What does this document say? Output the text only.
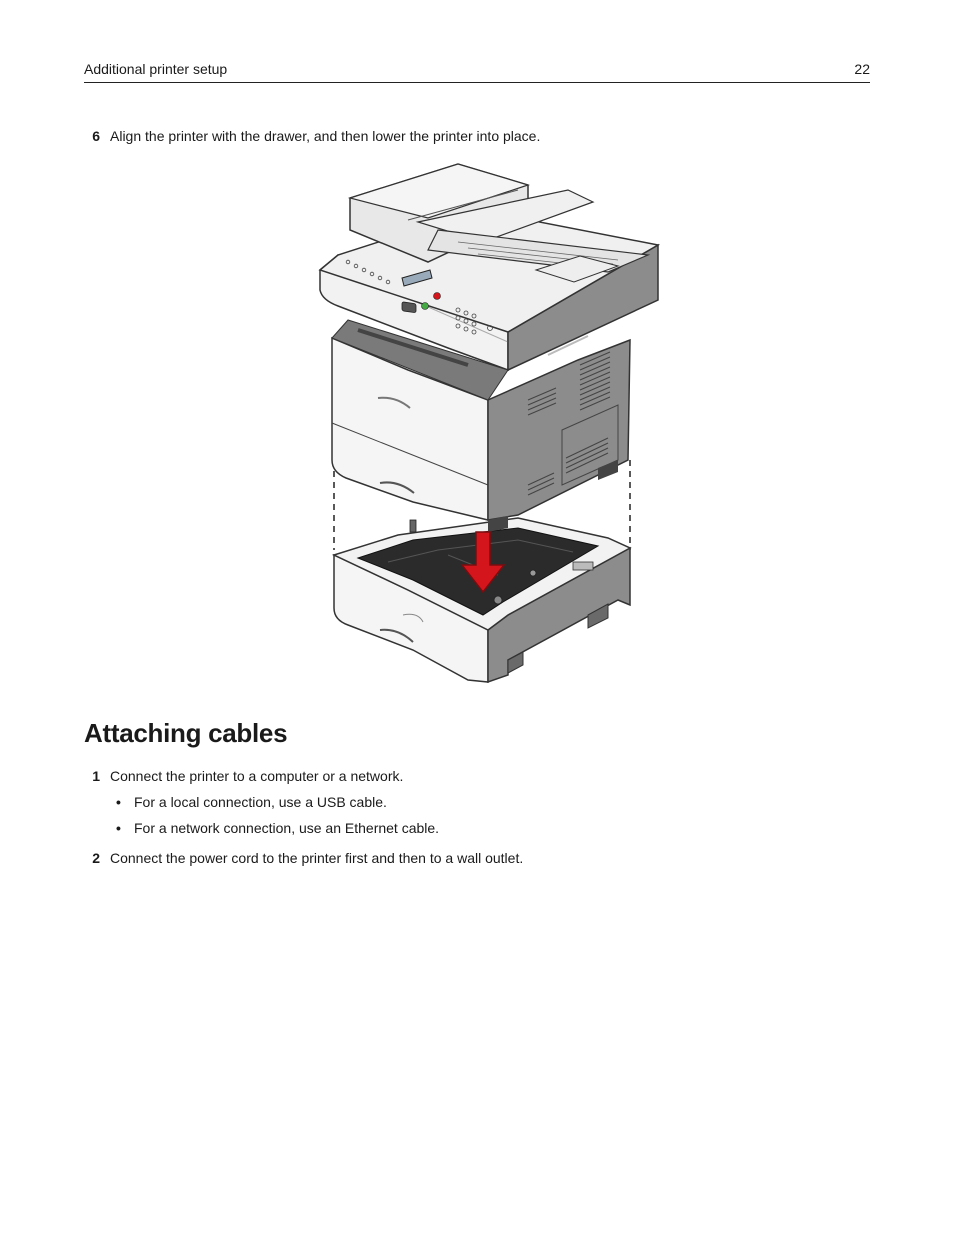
Additional printer setup	22
6 Align the printer with the drawer, and then lower the printer into place.
Attaching cables
1 Connect the printer to a computer or a network.
• For a local connection, use a USB cable.
• For a network connection, use an Ethernet cable.
2 Connect the power cord to the printer first and then to a wall outlet.
